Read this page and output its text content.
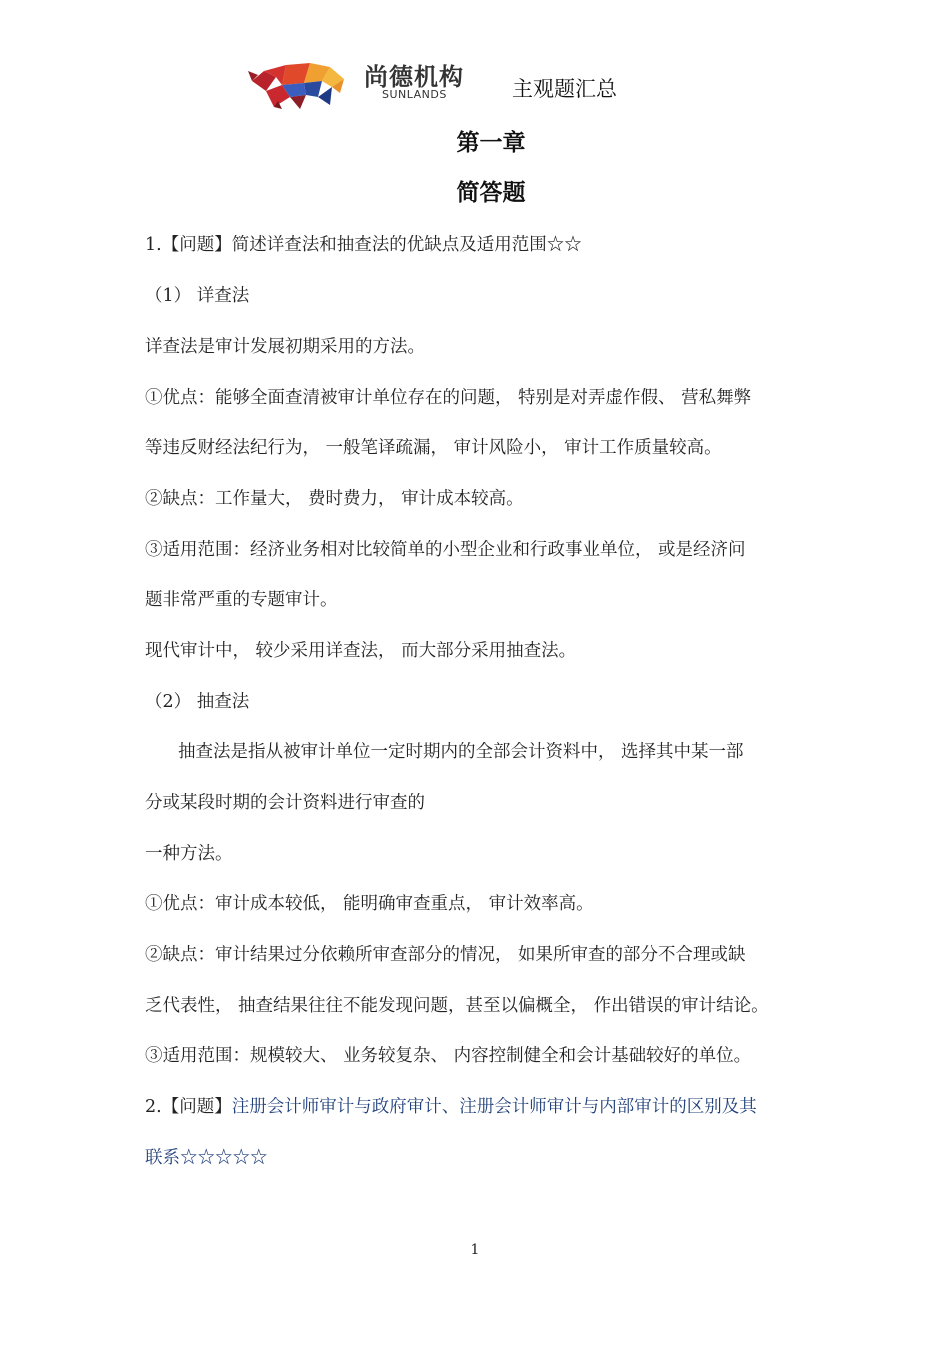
尚德机构
SUNLANDS	主观题汇总
第一章
简答题
1.【问题】简述详查法和抽查法的优缺点及适用范围☆☆
（1） 详查法
详查法是审计发展初期采用的方法。
①优点：能够全面查清被审计单位存在的问题， 特别是对弄虚作假、 营私舞弊
等违反财经法纪行为， 一般笔译疏漏， 审计风险小， 审计工作质量较高。
②缺点：工作量大， 费时费力， 审计成本较高。
③适用范围：经济业务相对比较简单的小型企业和行政事业单位， 或是经济问
题非常严重的专题审计。
现代审计中， 较少采用详查法， 而大部分采用抽查法。
（2） 抽查法
抽查法是指从被审计单位一定时期内的全部会计资料中， 选择其中某一部
分或某段时期的会计资料进行审查的
一种方法。
①优点：审计成本较低， 能明确审查重点， 审计效率高。
②缺点：审计结果过分依赖所审查部分的情况， 如果所审查的部分不合理或缺
乏代表性， 抽查结果往往不能发现问题，甚至以偏概全， 作出错误的审计结论。
③适用范围：规模较大、 业务较复杂、 内容控制健全和会计基础较好的单位。
2.【问题】注册会计师审计与政府审计、注册会计师审计与内部审计的区别及其
联系☆☆☆☆☆
1
